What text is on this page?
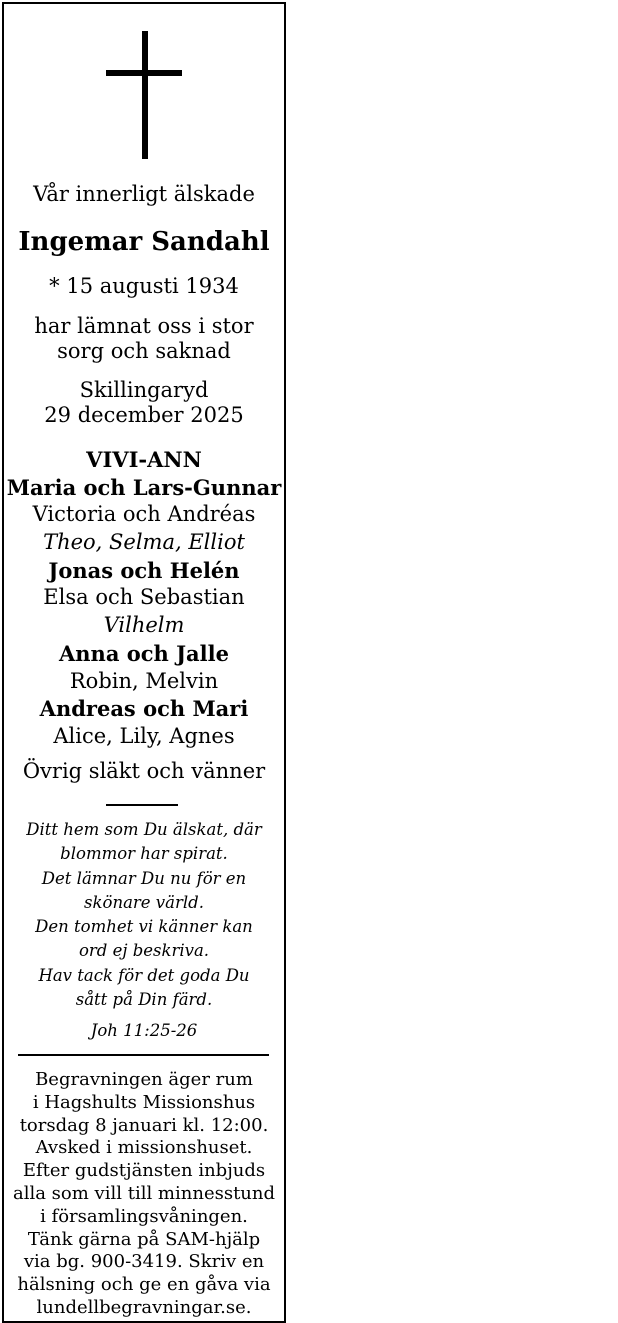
Vår innerligt älskade
Ingemar Sandahl
* 15 augusti 1934
har lämnat oss i stor
sorg och saknad
Skillingaryd
29 december 2025
VIVI-ANN
Maria och Lars-Gunnar
Victoria och Andréas
Theo, Selma, Elliot
Jonas och Helén
Elsa och Sebastian
Vilhelm
Anna och Jalle
Robin, Melvin
Andreas och Mari
Alice, Lily, Agnes
Övrig släkt och vänner
Ditt hem som Du älskat, där
blommor har spirat.
Det lämnar Du nu för en
skönare värld.
Den tomhet vi känner kan
ord ej beskriva.
Hav tack för det goda Du
sått på Din färd.
Joh 11:25-26
Begravningen äger rum
i Hagshults Missionshus
torsdag 8 januari kl. 12:00.
Avsked i missionshuset.
Efter gudstjänsten inbjuds
alla som vill till minnesstund
i församlingsvåningen.
Tänk gärna på SAM-hjälp
via bg. 900-3419. Skriv en
hälsning och ge en gåva via
lundellbegravningar.se.
